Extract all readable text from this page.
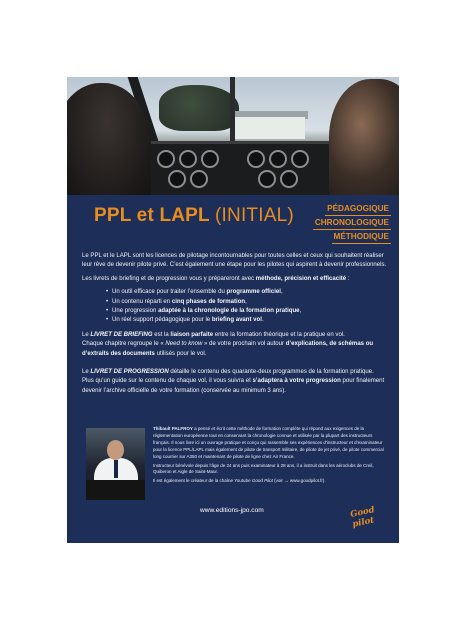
PPL et LAPL (INITIAL)	PÉDAGOGIQUE
CHRONOLOGIQUE
MÉTHODIQUE

Le PPL et le LAPL sont les licences de pilotage incontournables pour toutes celles et ceux qui souhaitent réaliser leur rêve de devenir pilote privé. C’est également une étape pour les pilotes qui aspirent à devenir professionnels.

Les livrets de briefing et de progression vous y prépareront avec méthode, précision et efficacité :

• Un outil efficace pour traiter l’ensemble du programme officiel,
• Un contenu réparti en cinq phases de formation,
• Une progression adaptée à la chronologie de la formation pratique,
• Un réel support pédagogique pour le briefing avant vol.

Le LIVRET DE BRIEFING est la liaison parfaite entre la formation théorique et la pratique en vol.
Chaque chapitre regroupe le « Need to know » de votre prochain vol autour d’explications, de schémas ou d’extraits des documents utilisés pour le vol.

Le LIVRET DE PROGRESSION détaille le contenu des quarante-deux programmes de la formation pratique.
Plus qu’un guide sur le contenu de chaque vol, il vous suivra et s’adaptera à votre progression pour finalement devenir l’archive officielle de votre formation (conservée au minimum 3 ans).

Thibault PALFROY a pensé et écrit cette méthode de formation complète qui répond aux exigences de la réglementation européenne tout en conservant la chronologie connue et utilisée par la plupart des instructeurs français. Il nous livre ici un ouvrage pratique et conçu qui rassemble ses expériences d’instructeur et d’examinateur pour la licence PPL/LAPL mais également de pilote de transport militaire, de pilote de jet privé, de pilote commercial long courrier sur A350 et maintenant de pilote de ligne chez Air France.

Instructeur bénévole depuis l’âge de 24 ans puis examinateur à 28 ans, il a instruit dans les aéroclubs de Creil, Quiberon et Aigle de Saint-Maur.

Il est également le créateur de la chaîne Youtube Good Pilot (voir → www.goodpilot.fr).

www.editions-jpo.com	Good pilot
